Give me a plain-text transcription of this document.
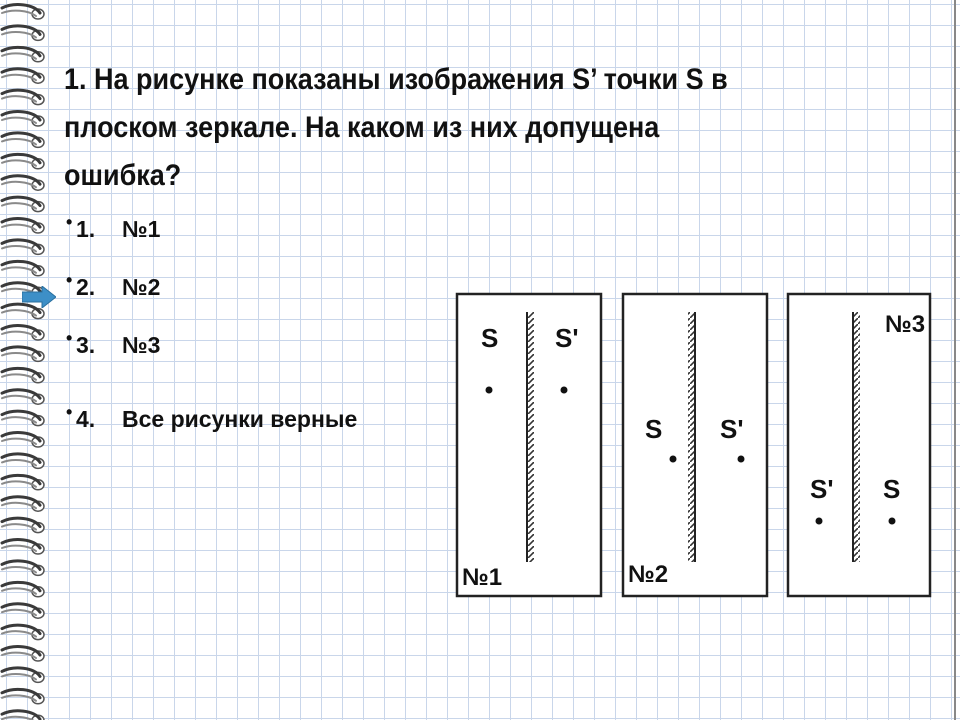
1. На рисунке показаны изображения S’ точки S в
плоском зеркале. На каком из них допущена
ошибка?
• 1. №1
• 2. №2
• 3. №3
• 4. Все рисунки верные
S S'
№1
S S'
№2
№3
S' S
